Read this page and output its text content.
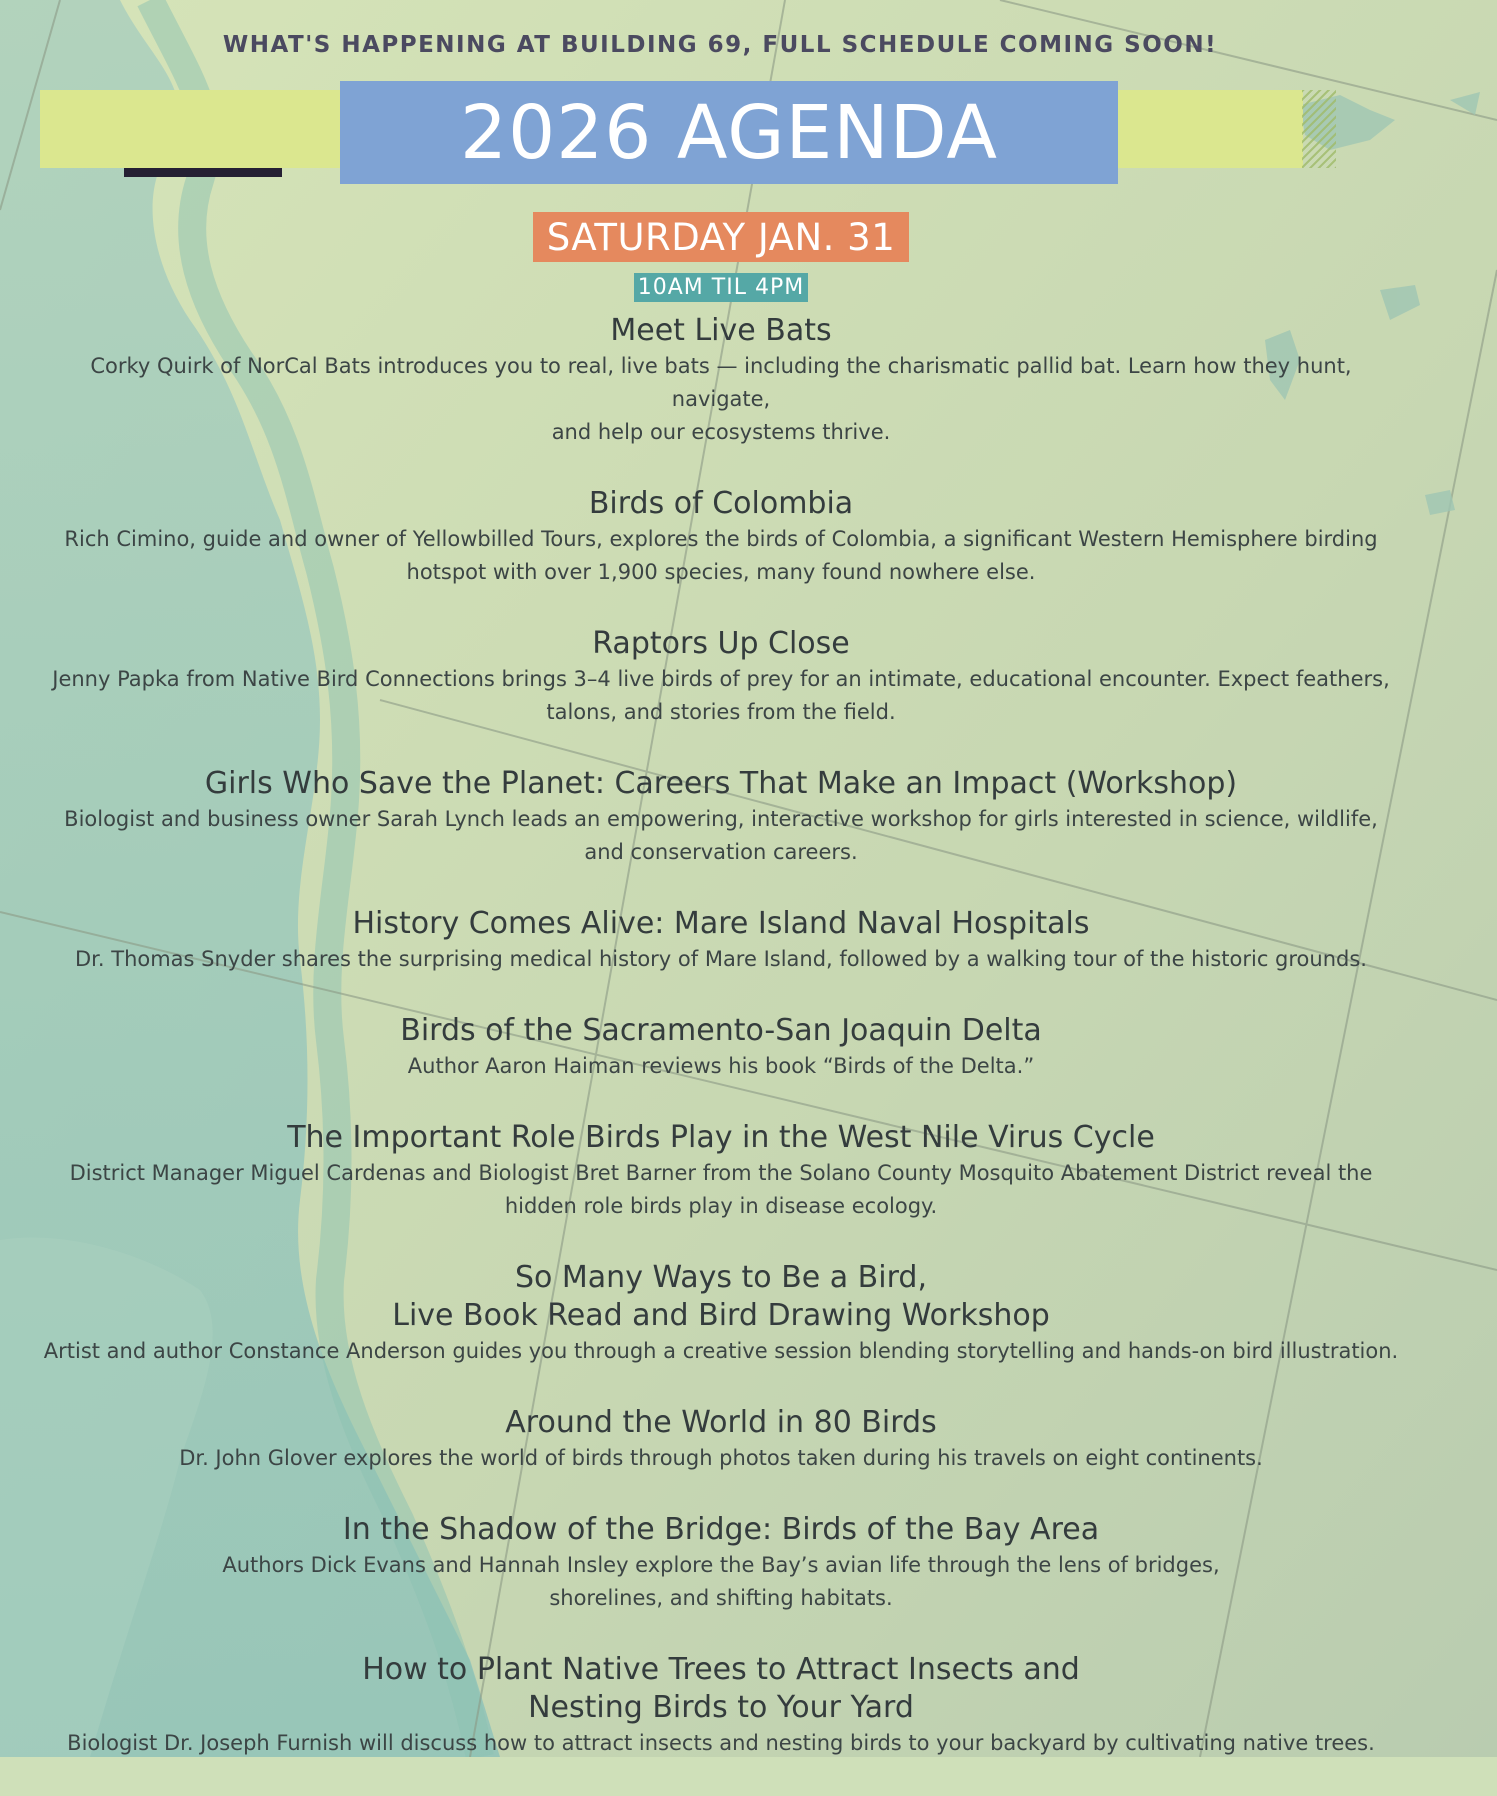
WHAT'S HAPPENING AT BUILDING 69, FULL SCHEDULE COMING SOON!
2026 AGENDA
SATURDAY JAN. 31
10AM TIL 4PM
Meet Live Bats
Corky Quirk of NorCal Bats introduces you to real, live bats — including the charismatic pallid bat. Learn how they hunt, navigate,
and help our ecosystems thrive.
Birds of Colombia
Rich Cimino, guide and owner of Yellowbilled Tours, explores the birds of Colombia, a significant Western Hemisphere birding
hotspot with over 1,900 species, many found nowhere else.
Raptors Up Close
Jenny Papka from Native Bird Connections brings 3–4 live birds of prey for an intimate, educational encounter. Expect feathers,
talons, and stories from the field.
Girls Who Save the Planet: Careers That Make an Impact (Workshop)
Biologist and business owner Sarah Lynch leads an empowering, interactive workshop for girls interested in science, wildlife,
and conservation careers.
History Comes Alive: Mare Island Naval Hospitals
Dr. Thomas Snyder shares the surprising medical history of Mare Island, followed by a walking tour of the historic grounds.
Birds of the Sacramento-San Joaquin Delta
Author Aaron Haiman reviews his book “Birds of the Delta.”
The Important Role Birds Play in the West Nile Virus Cycle
District Manager Miguel Cardenas and Biologist Bret Barner from the Solano County Mosquito Abatement District reveal the
hidden role birds play in disease ecology.
So Many Ways to Be a Bird,
Live Book Read and Bird Drawing Workshop
Artist and author Constance Anderson guides you through a creative session blending storytelling and hands-on bird illustration.
Around the World in 80 Birds
Dr. John Glover explores the world of birds through photos taken during his travels on eight continents.
In the Shadow of the Bridge: Birds of the Bay Area
Authors Dick Evans and Hannah Insley explore the Bay’s avian life through the lens of bridges,
shorelines, and shifting habitats.
How to Plant Native Trees to Attract Insects and
Nesting Birds to Your Yard
Biologist Dr. Joseph Furnish will discuss how to attract insects and nesting birds to your backyard by cultivating native trees.
